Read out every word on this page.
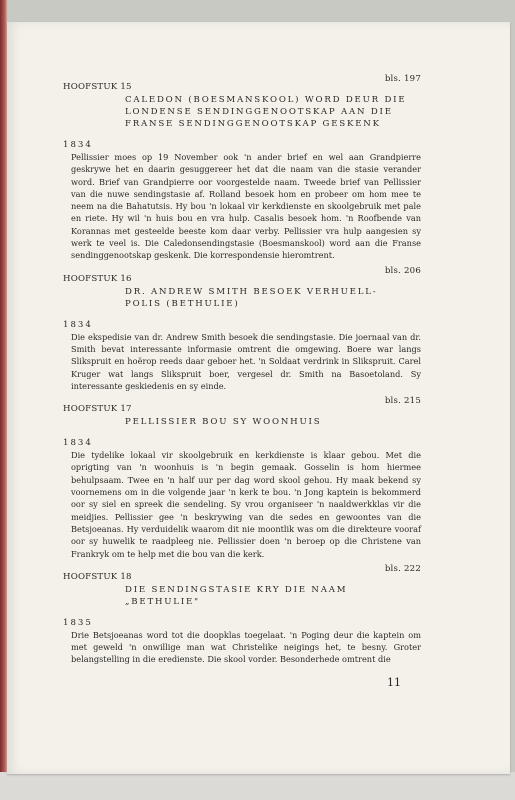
HOOFSTUK 15
bls. 197
CALEDON (BOESMANSKOOL) WORD DEUR DIE
LONDENSE SENDINGGENOOTSKAP AAN DIE
FRANSE SENDINGGENOOTSKAP GESKENK
1834

Pellissier moes op 19 November ook 'n ander brief en wel aan Grandpierre geskrywe het en daarin gesuggereer het dat die naam van die stasie verander word. Brief van Grandpierre oor voorgestelde naam. Tweede brief van Pellissier van die nuwe sendingstasie af. Rolland besoek hom en probeer om hom mee te neem na die Bahatutsis. Hy bou 'n lokaal vir kerkdienste en skoolgebruik met pale en riete. Hy wil 'n huis bou en vra hulp. Casalis besoek hom. 'n Roofbende van Korannas met gesteelde beeste kom daar verby. Pellissier vra hulp aangesien sy werk te veel is. Die Caledonsendingstasie (Boesmanskool) word aan die Franse sendinggenootskap geskenk. Die korrespondensie hieromtrent.

HOOFSTUK 16
bls. 206
DR. ANDREW SMITH BESOEK VERHUELL-
POLIS (BETHULIE)
1834

Die ekspedisie van dr. Andrew Smith besoek die sendingstasie. Die joernaal van dr. Smith bevat interessante informasie omtrent die omgewing. Boere war langs Slikspruit en hoërop reeds daar geboer het. 'n Soldaat verdrink in Slikspruit. Carel Kruger wat langs Slikspruit boer, vergesel dr. Smith na Basoetoland. Sy interessante geskiedenis en sy einde.

HOOFSTUK 17
bls. 215
PELLISSIER BOU SY WOONHUIS
1834

Die tydelike lokaal vir skoolgebruik en kerkdienste is klaar gebou. Met die oprigting van 'n woonhuis is 'n begin gemaak. Gosselin is hom hiermee behulpsaam. Twee en 'n half uur per dag word skool gehou. Hy maak bekend sy voornemens om in die volgende jaar 'n kerk te bou. 'n Jong kaptein is bekommerd oor sy siel en spreek die sendeling. Sy vrou organiseer 'n naaldwerkklas vir die meidjies. Pellissier gee 'n beskrywing van die sedes en gewoontes van die Betsjoeanas. Hy verduidelik waarom dit nie moontlik was om die direkteure vooraf oor sy huwelik te raadpleeg nie. Pellissier doen 'n beroep op die Christene van Frankryk om te help met die bou van die kerk.

HOOFSTUK 18
bls. 222
DIE SENDINGSTASIE KRY DIE NAAM
„BETHULIE"
1835

Drie Betsjoeanas word tot die doopklas toegelaat. 'n Poging deur die kaptein om met geweld 'n onwillige man wat Christelike neigings het, te besny. Groter belangstelling in die eredienste. Die skool vorder. Besonderhede omtrent die

11
